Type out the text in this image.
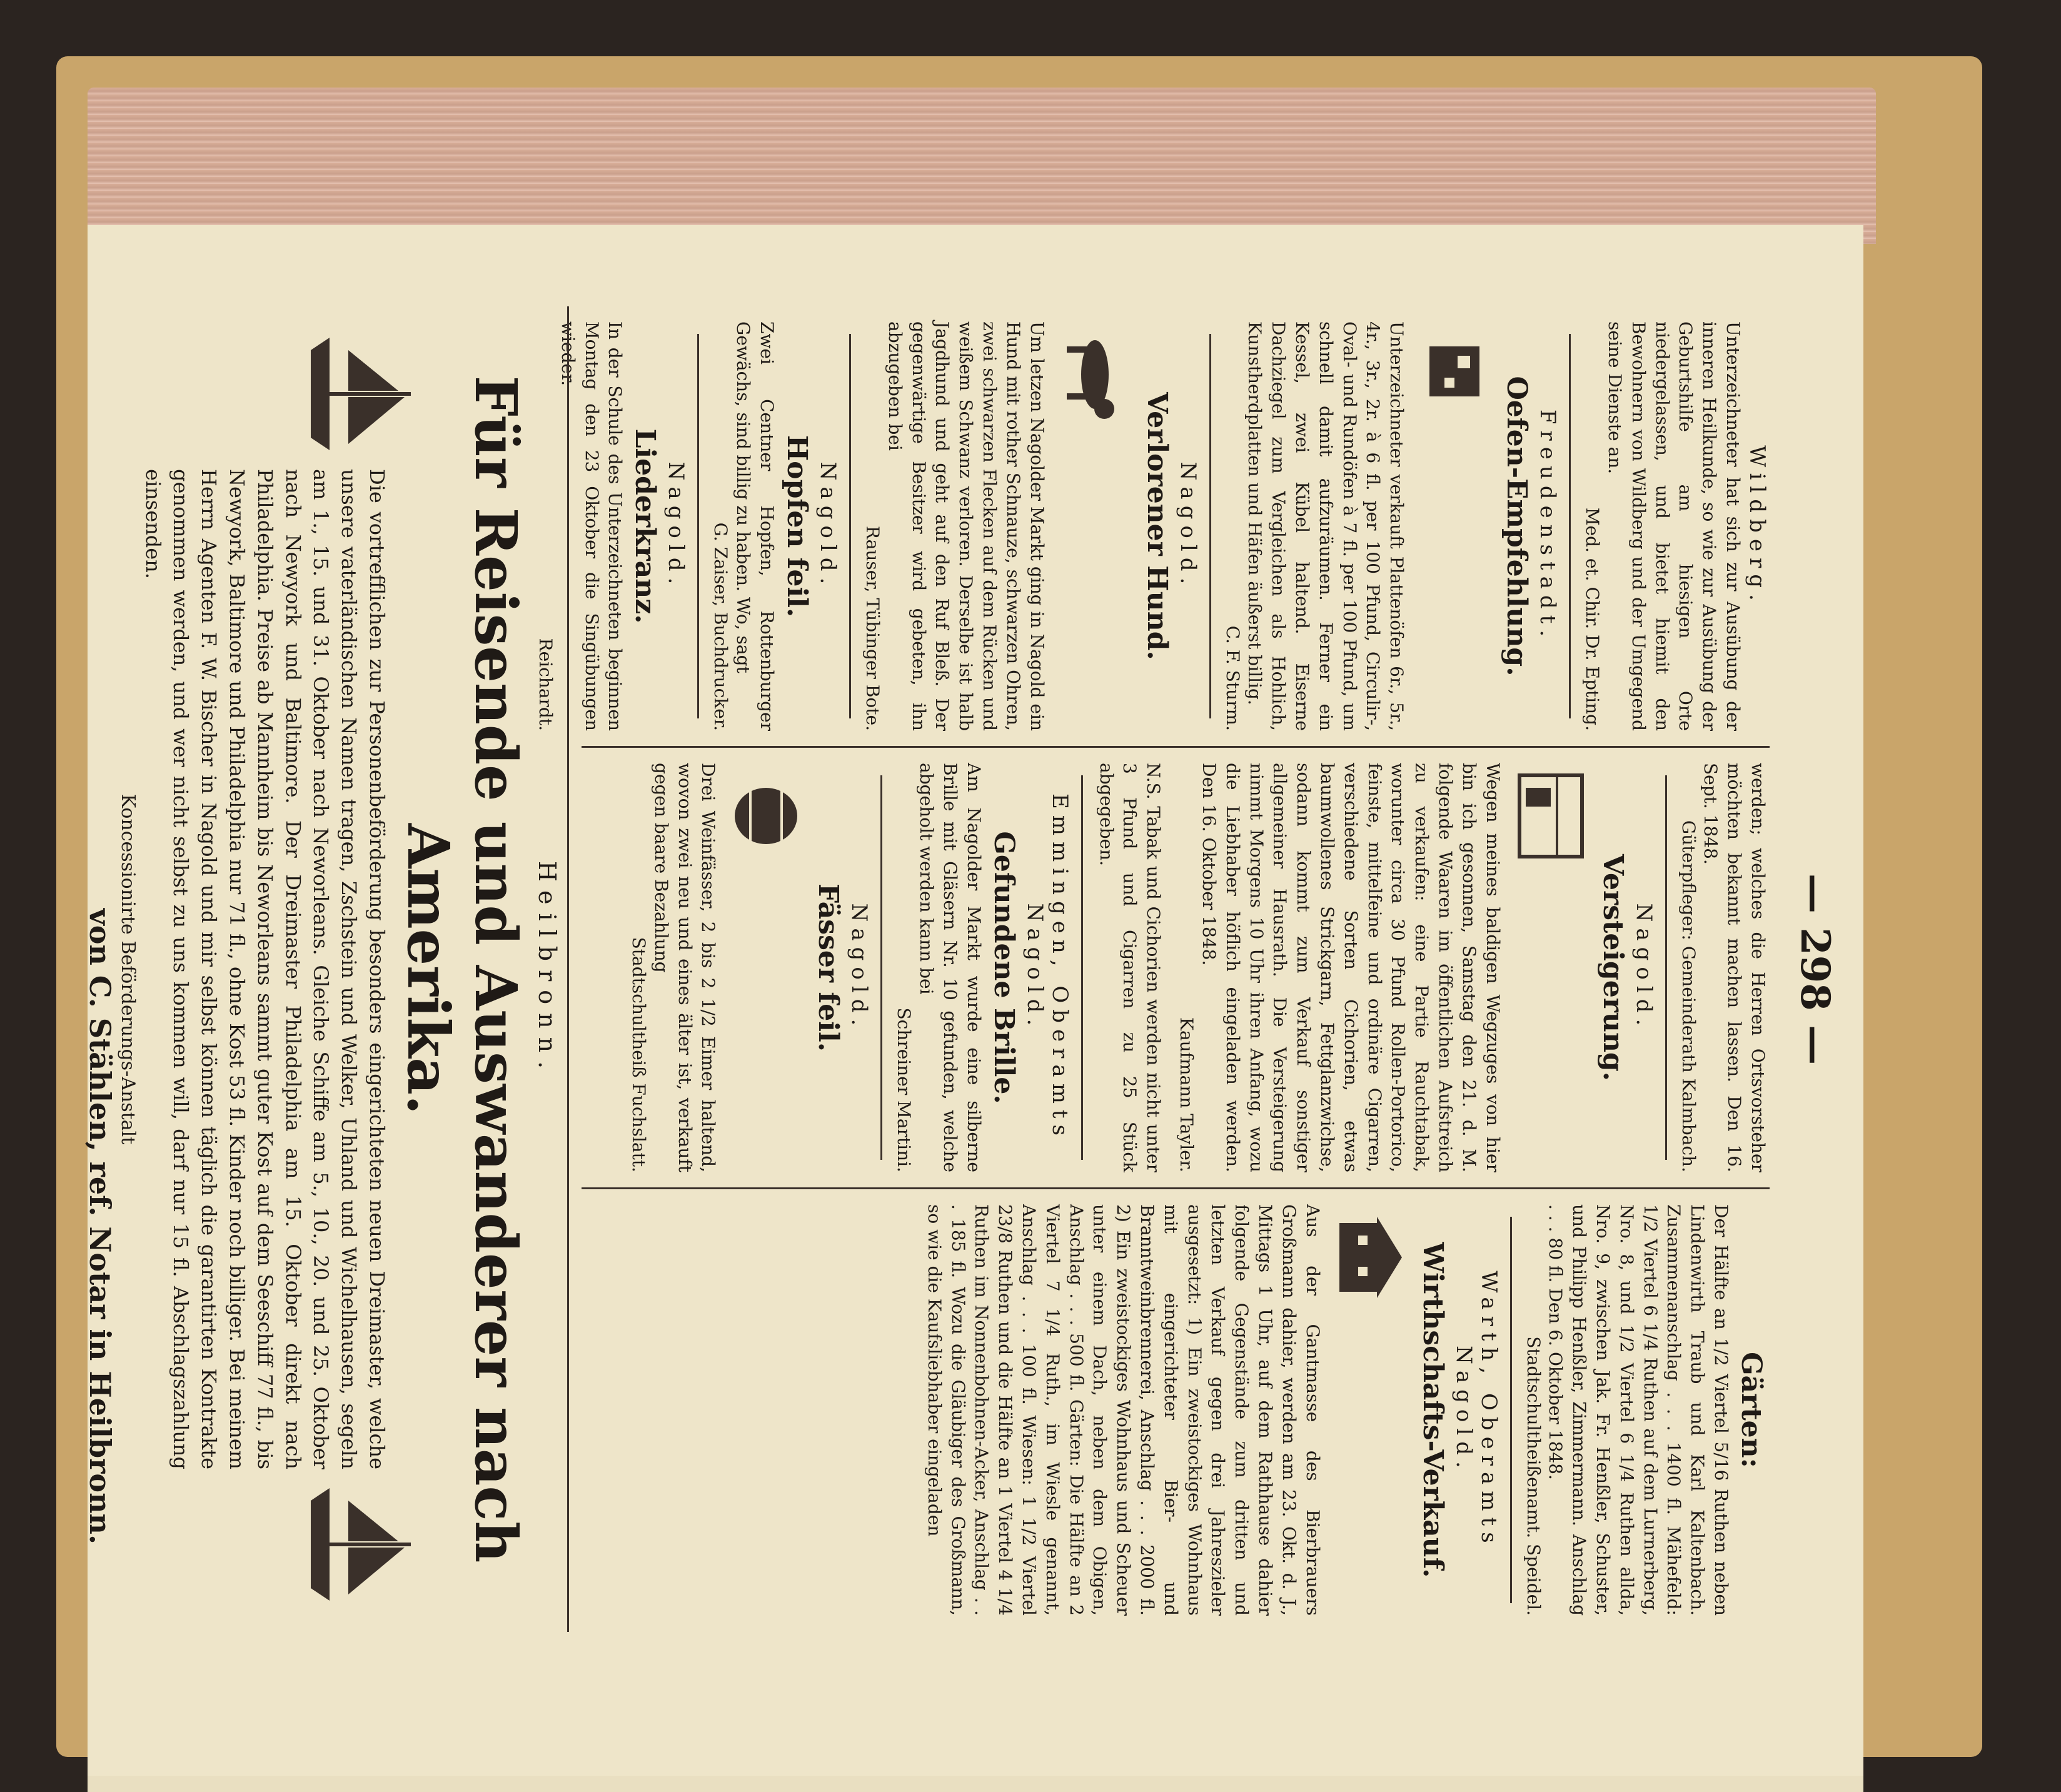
— 298 —
Wildberg.
Unterzeichneter hat sich zur Ausübung der inneren Heilkunde, so wie zur Ausübung der Geburtshilfe am hiesigen Orte niedergelassen, und bietet hiemit den Bewohnern von Wildberg und der Umgegend seine Dienste an.
Med. et. Chir. Dr. Epting.
Freudenstadt.
Oefen-Empfehlung.
Unterzeichneter verkauft Plattenöfen 6r., 5r., 4r., 3r., 2r. à 6 fl. per 100 Pfund, Circulir-, Oval- und Rundöfen à 7 fl. per 100 Pfund, um schnell damit aufzuräumen. Ferner ein Kessel, zwei Kübel haltend. Eiserne Dachziegel zum Vergleichen als Hohlich, Kunstherdplatten und Häfen äußerst billig.
C. F. Sturm.
Nagold.
Verlorener Hund.
Um letzen Nagolder Markt ging in Nagold ein Hund mit rother Schnauze, schwarzen Ohren, zwei schwarzen Flecken auf dem Rücken und weißem Schwanz verloren. Derselbe ist halb Jagdhund und geht auf den Ruf Bleß. Der gegenwärtige Besitzer wird gebeten, ihn abzugeben bei
Rauser, Tübinger Bote.
Nagold.
Hopfen feil.
Zwei Centner Hopfen, Rottenburger Gewächs, sind billig zu haben. Wo, sagt
G. Zaiser, Buchdrucker.
Nagold.
Liederkranz.
In der Schule des Unterzeichneten beginnen Montag den 23 Oktober die Singübungen wieder.
Reichardt.
werden; welches die Herren Ortsvorsteher möchten bekannt machen lassen. Den 16. Sept. 1848.
Güterpfleger: Gemeinderath Kalmbach.
Nagold.
Versteigerung.
Wegen meines baldigen Wegzuges von hier bin ich gesonnen, Samstag den 21. d. M. folgende Waaren im öffentlichen Aufstreich zu verkaufen: eine Partie Rauchtabak, worunter circa 30 Pfund Rollen-Portorico, feinste, mittelfeine und ordinäre Cigarren, verschiedene Sorten Cichorien, etwas baumwollenes Strickgarn, Fettglanzwichse, sodann kommt zum Verkauf sonstiger allgemeiner Hausrath. Die Versteigerung nimmt Morgens 10 Uhr ihren Anfang, wozu die Liebhaber höflich eingeladen werden. Den 16. Oktober 1848.
Kaufmann Tayler.
N.S. Tabak und Cichorien werden nicht unter 3 Pfund und Cigarren zu 25 Stück abgegeben.
Emmingen, Oberamts Nagold.
Gefundene Brille.
Am Nagolder Markt wurde eine silberne Brille mit Gläsern Nr. 10 gefunden, welche abgeholt werden kann bei
Schreiner Martini.
Nagold.
Fässer feil.
Drei Weinfässer, 2 bis 2 1/2 Eimer haltend, wovon zwei neu und eines älter ist, verkauft gegen baare Bezahlung
Stadtschultheiß Fuchslatt.
Gärten:
Der Hälfte an 1/2 Viertel 5/16 Ruthen neben Lindenwirth Traub und Karl Kaltenbach. Zusammenanschlag . . . 1400 fl. Mähefeld: 1/2 Viertel 6 1/4 Ruthen auf dem Lurnerberg, Nro. 8, und 1/2 Viertel 6 1/4 Ruthen allda, Nro. 9, zwischen Jak. Fr. Henßler, Schuster, und Philipp Henßler, Zimmermann. Anschlag . . . 80 fl. Den 6. Oktober 1848.
Stadtschultheißenamt. Speidel.
Warth, Oberamts Nagold.
Wirthschafts-Verkauf.
Aus der Gantmasse des Bierbrauers Großmann dahier, werden am 23. Okt. d. J., Mittags 1 Uhr, auf dem Rathhause dahier folgende Gegenstände zum dritten und letzten Verkauf gegen drei Jahreszieler ausgesetzt: 1) Ein zweistockiges Wohnhaus mit eingerichteter Bier- und Branntweinbrennerei, Anschlag . . . 2000 fl. 2) Ein zweistockiges Wohnhaus und Scheuer unter einem Dach, neben dem Obigen, Anschlag . . . 500 fl. Gärten: Die Hälfte an 2 Viertel 7 1/4 Ruth., im Wiesle genannt, Anschlag . . . 100 fl. Wiesen: 1 1/2 Viertel 23/8 Ruthen und die Hälfte an 1 Viertel 4 1/4 Ruthen im Nonnenbohnen-Acker, Anschlag . . . 185 fl. Wozu die Gläubiger des Großmann, so wie die Kaufsliebhaber eingeladen
Heilbronn.
Für Reisende und Auswanderer nach Amerika.
Die vortrefflichen zur Personenbeförderung besonders eingerichteten neuen Dreimaster, welche unsere vaterländischen Namen tragen, Zschstein und Welker, Uhland und Wichelhausen, segeln am 1., 15. und 31. Oktober nach Neworleans. Gleiche Schiffe am 5., 10., 20. und 25. Oktober nach Newyork und Baltimore. Der Dreimaster Philadelphia am 15. Oktober direkt nach Philadelphia. Preise ab Mannheim bis Neworleans sammt guter Kost auf dem Seeschiff 77 fl., bis Newyork, Baltimore und Philadelphia nur 71 fl., ohne Kost 53 fl. Kinder noch billiger. Bei meinem Herrn Agenten F. W. Bischer in Nagold und mir selbst können täglich die garantirten Kontrakte genommen werden, und wer nicht selbst zu uns kommen will, darf nur 15 fl. Abschlagszahlung einsenden.
Koncessionirte Beförderungs-Anstalt
von C. Stählen, ref. Notar in Heilbronn.
